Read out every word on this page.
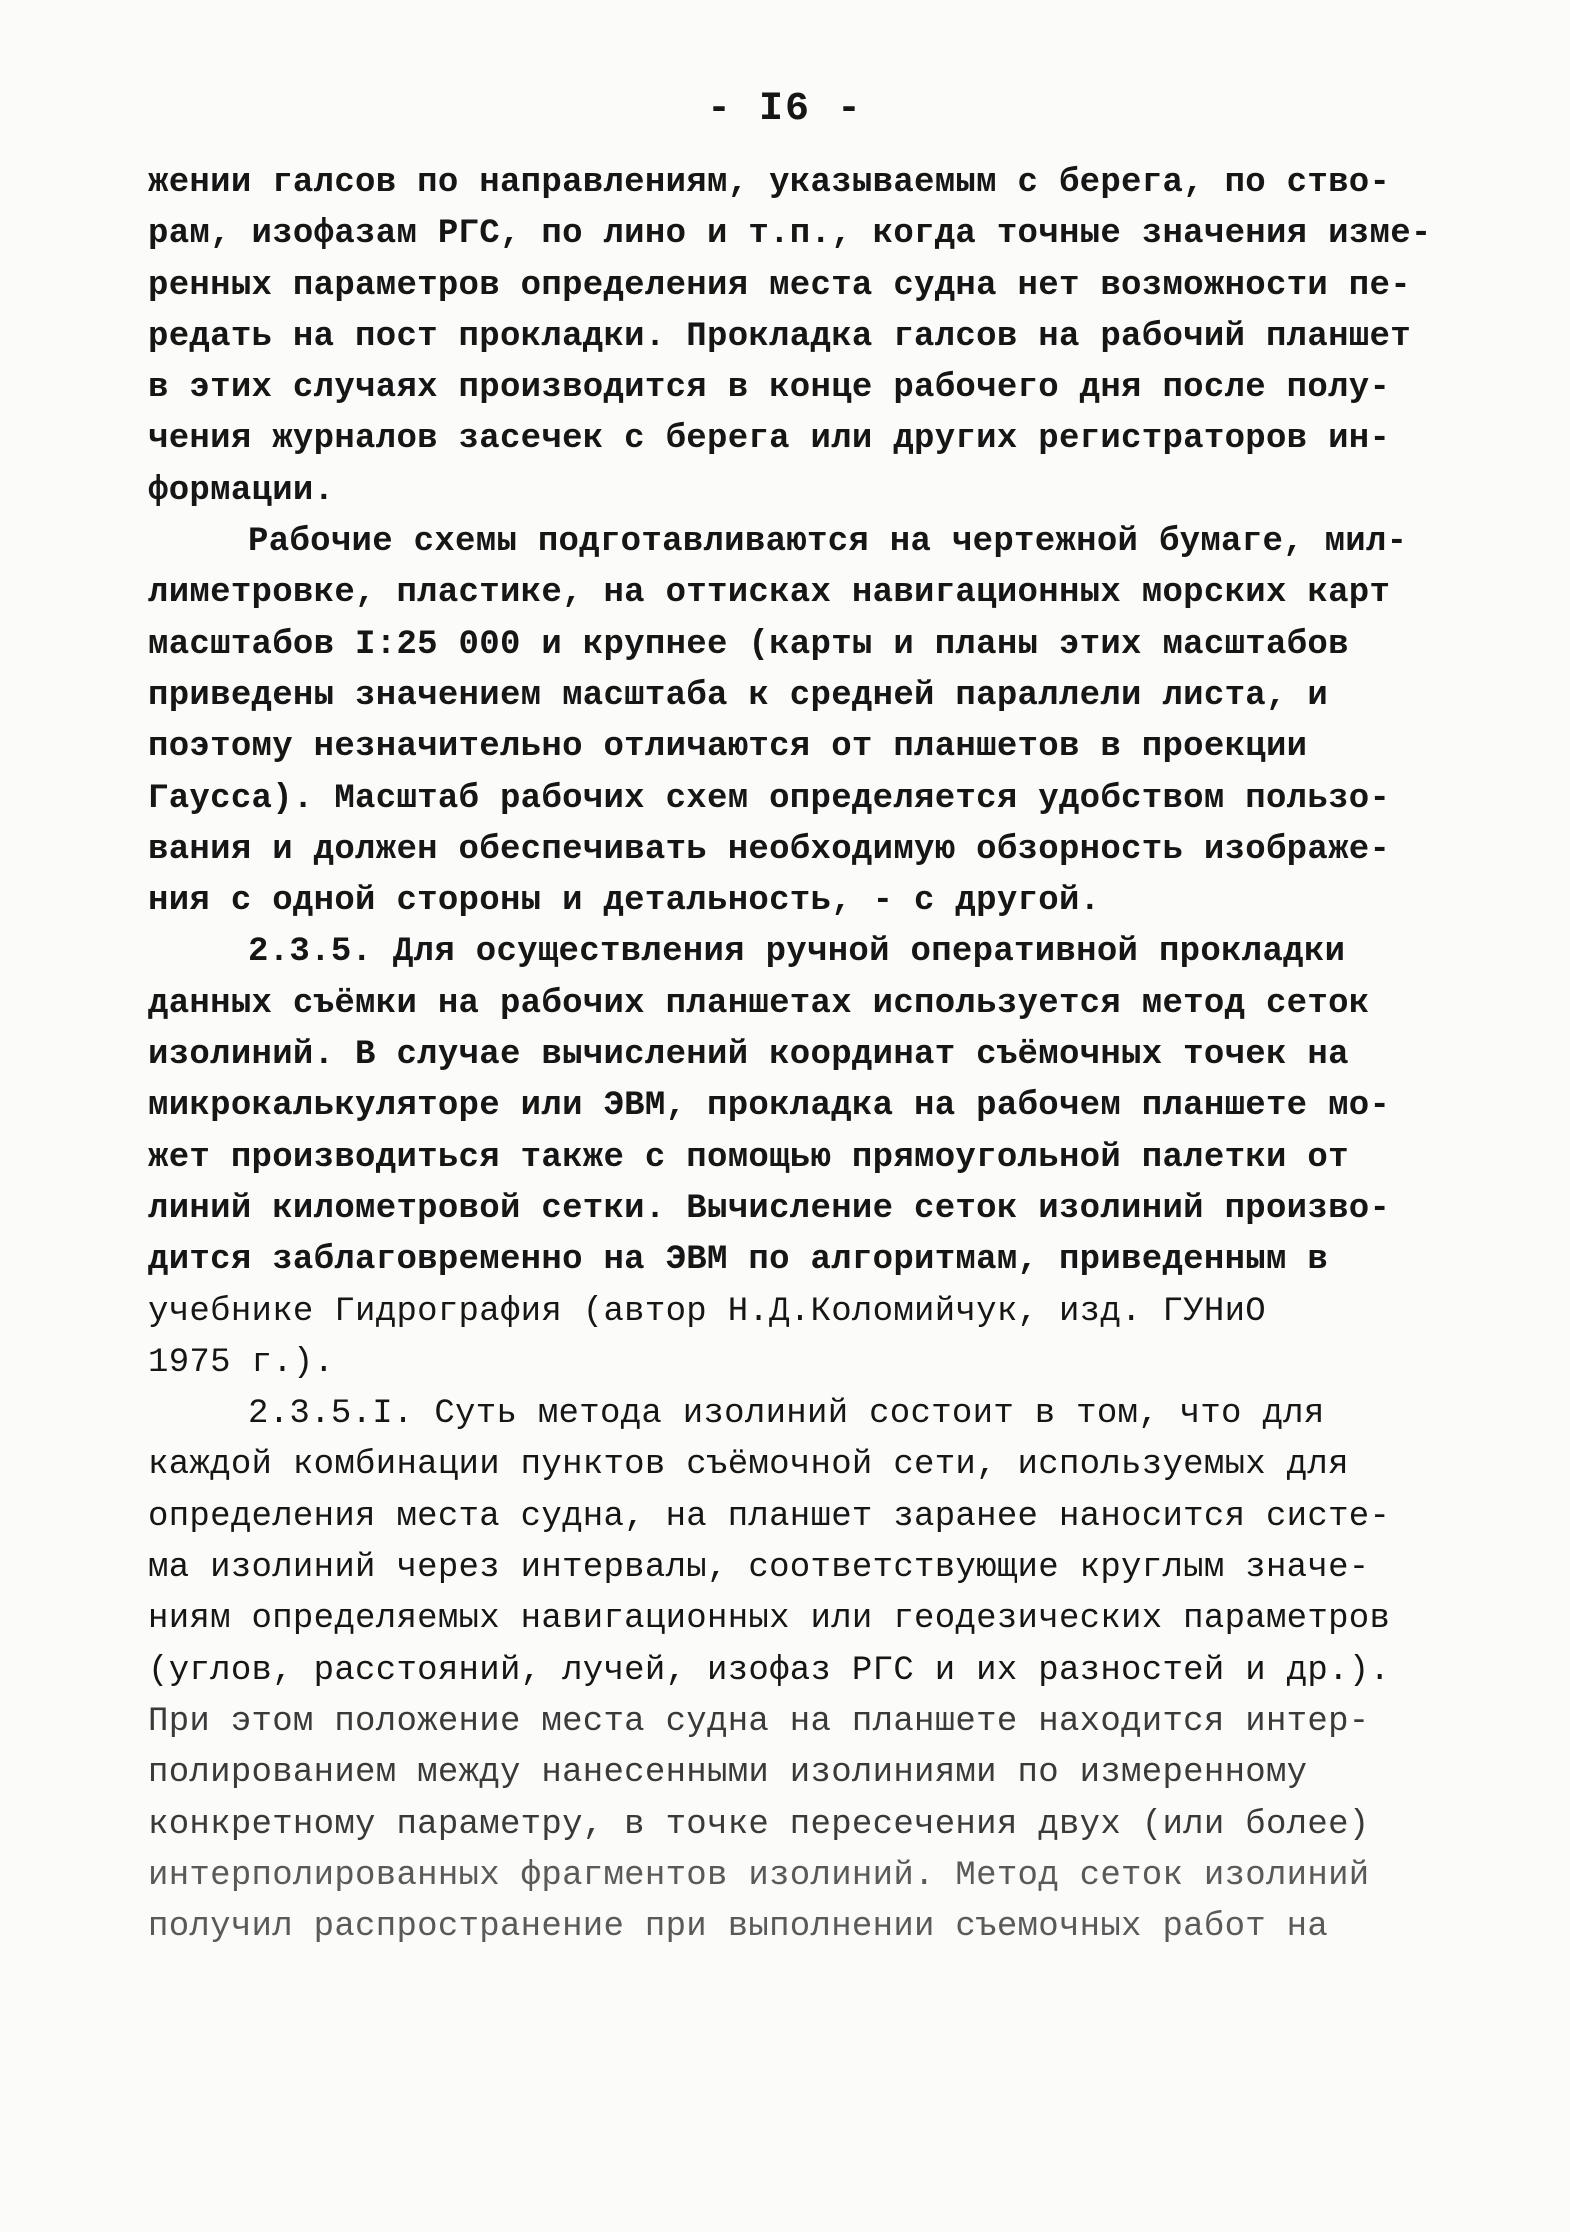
- I6 -
жении галсов по направлениям, указываемым с берега, по ство-
рам, изофазам РГС, по лино и т.п., когда точные значения изме-
ренных параметров определения места судна нет возможности пе-
редать на пост прокладки. Прокладка галсов на рабочий планшет
в этих случаях производится в конце рабочего дня после полу-
чения журналов засечек с берега или других регистраторов ин-
формации.
Рабочие схемы подготавливаются на чертежной бумаге, мил-
лиметровке, пластике, на оттисках навигационных морских карт
масштабов I:25 000 и крупнее (карты и планы этих масштабов
приведены значением масштаба к средней параллели листа, и
поэтому незначительно отличаются от планшетов в проекции
Гаусса). Масштаб рабочих схем определяется удобством пользо-
вания и должен обеспечивать необходимую обзорность изображе-
ния с одной стороны и детальность, - с другой.
2.3.5. Для осуществления ручной оперативной прокладки
данных съёмки на рабочих планшетах используется метод сеток
изолиний. В случае вычислений координат съёмочных точек на
микрокалькуляторе или ЭВМ, прокладка на рабочем планшете мо-
жет производиться также с помощью прямоугольной палетки от
линий километровой сетки. Вычисление сеток изолиний произво-
дится заблаговременно на ЭВМ по алгоритмам, приведенным в
учебнике Гидрография (автор Н.Д.Коломийчук, изд. ГУНиО
1975 г.).
2.3.5.I. Суть метода изолиний состоит в том, что для
каждой комбинации пунктов съёмочной сети, используемых для
определения места судна, на планшет заранее наносится систе-
ма изолиний через интервалы, соответствующие круглым значе-
ниям определяемых навигационных или геодезических параметров
(углов, расстояний, лучей, изофаз РГС и их разностей и др.).
При этом положение места судна на планшете находится интер-
полированием между нанесенными изолиниями по измеренному
конкретному параметру, в точке пересечения двух (или более)
интерполированных фрагментов изолиний. Метод сеток изолиний
получил распространение при выполнении съемочных работ на
